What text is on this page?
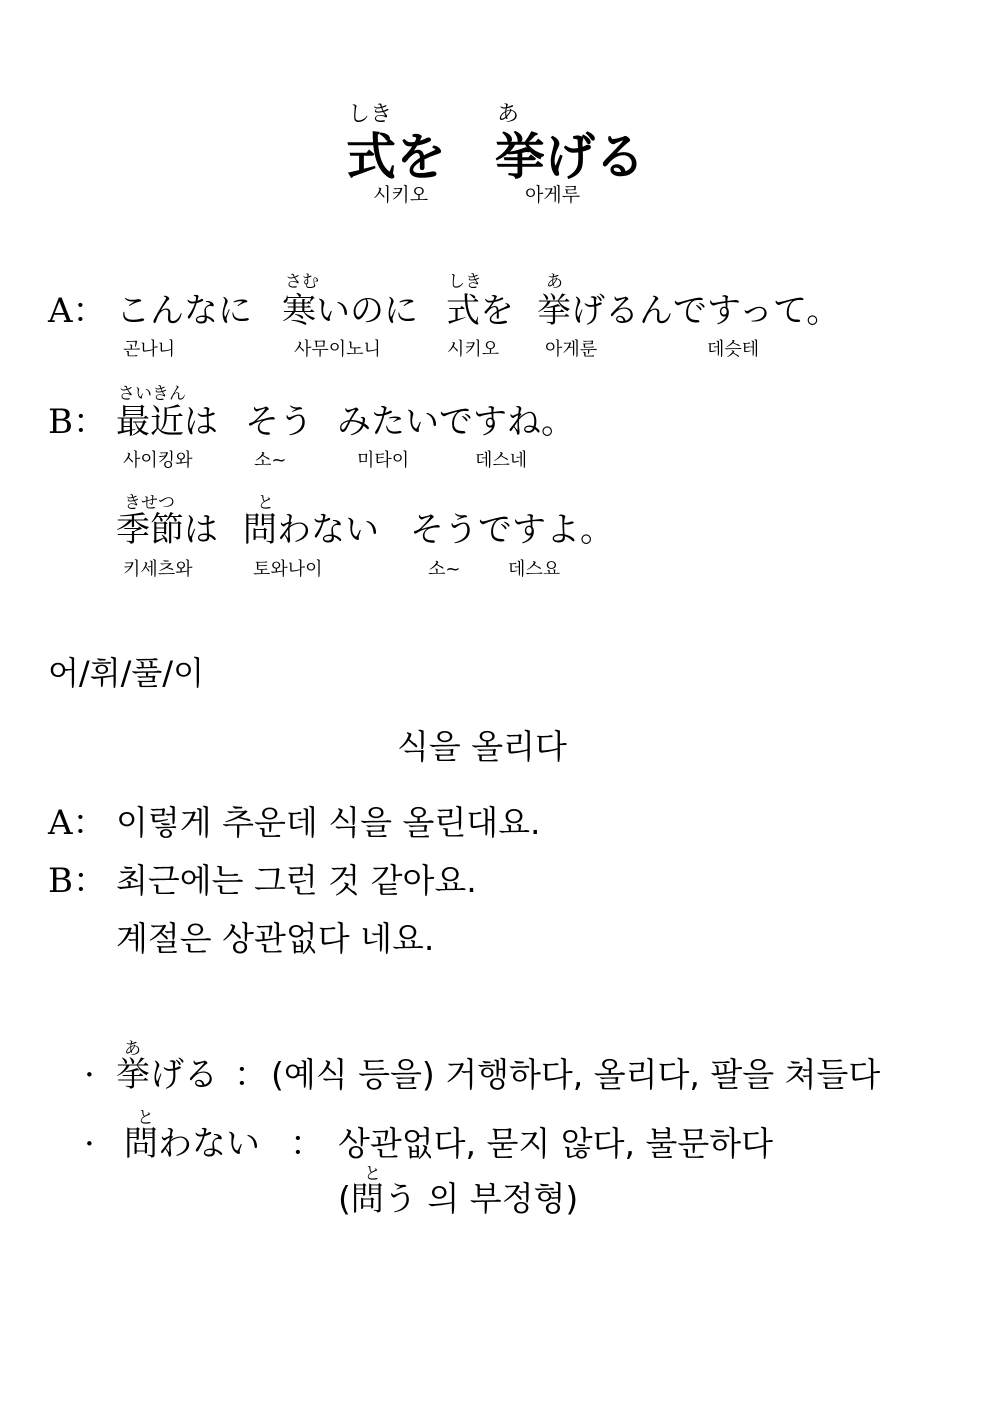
しき	あ
式を 挙げる
시키오	아게루
さむ	しき	あ
A： こんなに 寒いのに 式を 挙げるんですって。
곤나니	사무이노니	시키오	아게룬	데슷테
さいきん
B： 最近は そう みたいですね。
사이킹와	소~	미타이	데스네
きせつ	と
季節は 問わない そうですよ。
키세츠와	토와나이	소~	데스요
어/휘/풀/이
식을 올리다
A： 이렇게 추운데 식을 올린대요.
B： 최근에는 그런 것 같아요.
계절은 상관없다 네요.
あ
· 挙げる ： (예식 등을) 거행하다, 올리다, 팔을 쳐들다
と
· 問わない ： 상관없다, 묻지 않다, 불문하다
と
(問う 의 부정형)
